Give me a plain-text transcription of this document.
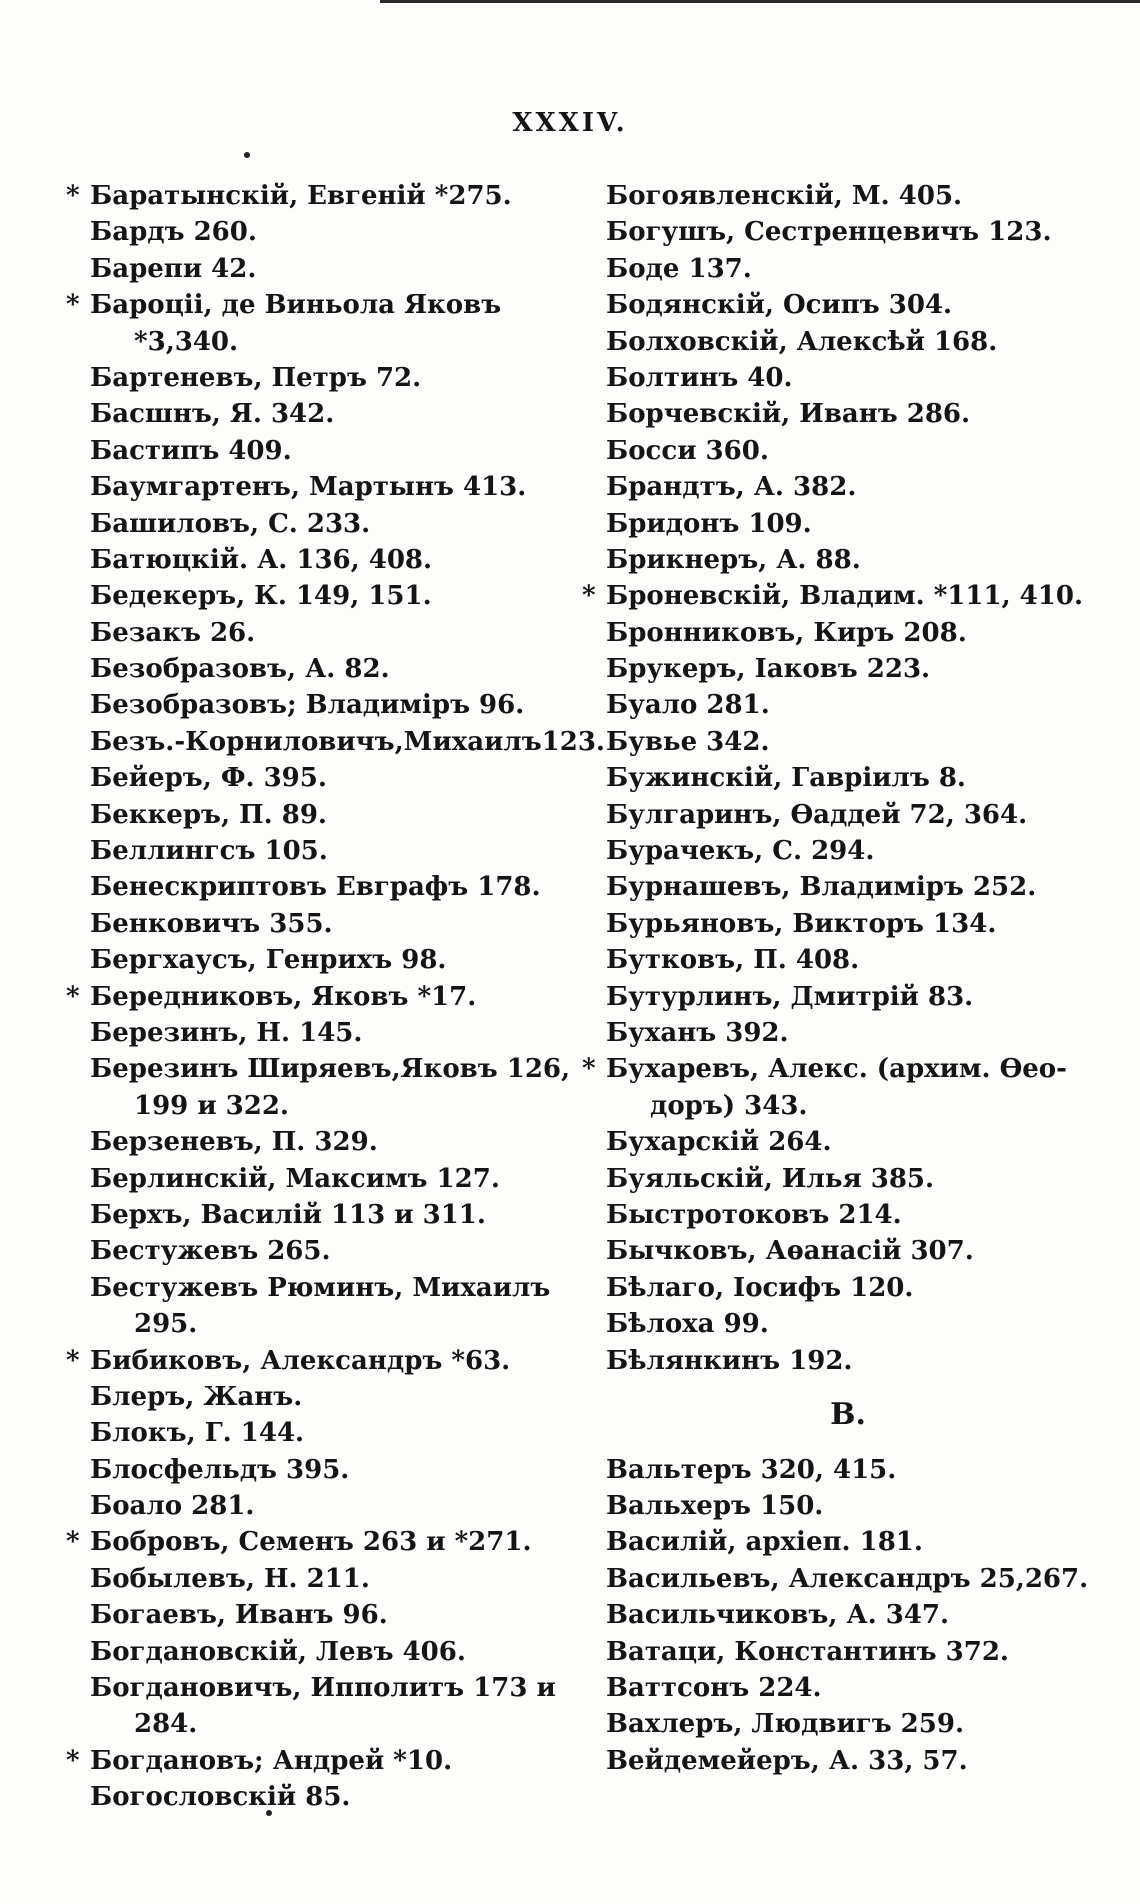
XXXIV.
* Баратынскій, Евгеній *275.
Бардъ 260.
Барепи 42.
* Бароціі, де Виньола Яковъ
*3,340.
Бартеневъ, Петръ 72.
Басшнъ, Я. 342.
Бастипъ 409.
Баумгартенъ, Мартынъ 413.
Башиловъ, С. 233.
Батюцкій. А. 136, 408.
Бедекеръ, К. 149, 151.
Безакъ 26.
Безобразовъ, А. 82.
Безобразовъ; Владиміръ 96.
Безъ.-Корниловичъ,Михаилъ123.
Бейеръ, Ф. 395.
Беккеръ, П. 89.
Беллингсъ 105.
Бенескриптовъ Евграфъ 178.
Бенковичъ 355.
Бергхаусъ, Генрихъ 98.
* Бередниковъ, Яковъ *17.
Березинъ, Н. 145.
Березинъ Ширяевъ,Яковъ 126,
199 и 322.
Берзеневъ, П. 329.
Берлинскій, Максимъ 127.
Берхъ, Василій 113 и 311.
Бестужевъ 265.
Бестужевъ Рюминъ, Михаилъ
295.
* Бибиковъ, Александръ *63.
Блеръ, Жанъ.
Блокъ, Г. 144.
Блосфельдъ 395.
Боало 281.
* Бобровъ, Семенъ 263 и *271.
Бобылевъ, Н. 211.
Богаевъ, Иванъ 96.
Богдановскій, Левъ 406.
Богдановичъ, Ипполитъ 173 и
284.
* Богдановъ; Андрей *10.
Богословскій 85.
Богоявленскій, М. 405.
Богушъ, Сестренцевичъ 123.
Боде 137.
Бодянскій, Осипъ 304.
Болховскій, Алексѣй 168.
Болтинъ 40.
Борчевскій, Иванъ 286.
Босси 360.
Брандтъ, А. 382.
Бридонъ 109.
Брикнеръ, А. 88.
* Броневскій, Владим. *111, 410.
Бронниковъ, Киръ 208.
Брукеръ, Іаковъ 223.
Буало 281.
Бувье 342.
Бужинскій, Гавріилъ 8.
Булгаринъ, Ѳаддей 72, 364.
Бурачекъ, С. 294.
Бурнашевъ, Владиміръ 252.
Бурьяновъ, Викторъ 134.
Бутковъ, П. 408.
Бутурлинъ, Дмитрій 83.
Буханъ 392.
* Бухаревъ, Алекс. (архим. Ѳео-
доръ) 343.
Бухарскій 264.
Буяльскій, Илья 385.
Быстротоковъ 214.
Бычковъ, Аѳанасій 307.
Бѣлаго, Іосифъ 120.
Бѣлоха 99.
Бѣлянкинъ 192.
В.
Вальтеръ 320, 415.
Вальхеръ 150.
Василій, архіеп. 181.
Васильевъ, Александръ 25,267.
Васильчиковъ, А. 347.
Ватаци, Константинъ 372.
Ваттсонъ 224.
Вахлеръ, Людвигъ 259.
Вейдемейеръ, А. 33, 57.
